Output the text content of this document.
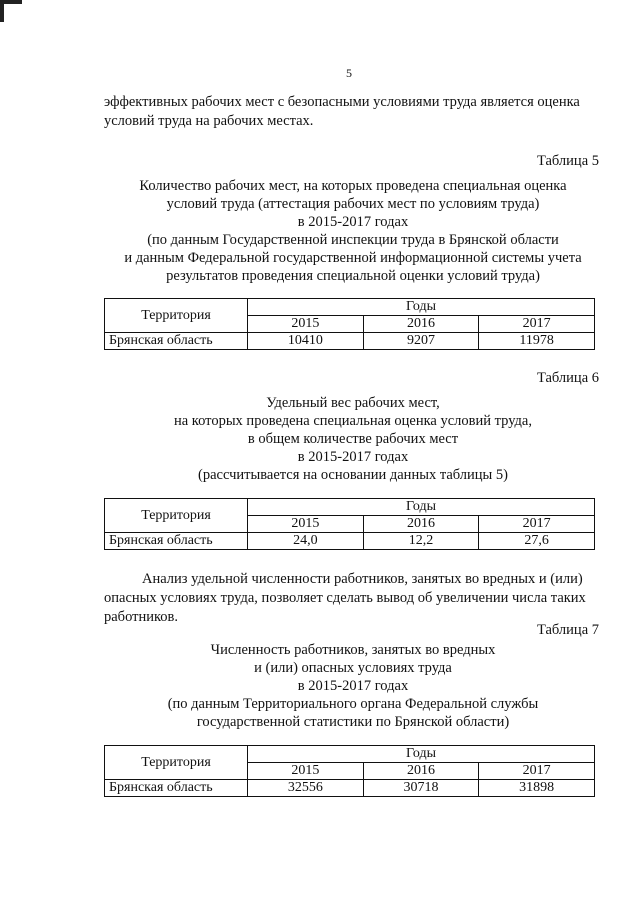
5
эффективных рабочих мест с безопасными условиями труда является оценка
условий труда на рабочих местах.
Таблица 5
Количество рабочих мест, на которых проведена специальная оценка
условий труда (аттестация рабочих мест по условиям труда)
в 2015-2017 годах
(по данным Государственной инспекции труда в Брянской области
и данным Федеральной государственной информационной системы учета
результатов проведения специальной оценки условий труда)
Территория	Годы		
	2015	2016	2017
Брянская область	10410	9207	11978
Таблица 6
Удельный вес рабочих мест,
на которых проведена специальная оценка условий труда,
в общем количестве рабочих мест
в 2015-2017 годах
(рассчитывается на основании данных таблицы 5)
Территория	Годы		
	2015	2016	2017
Брянская область	24,0	12,2	27,6
Анализ удельной численности работников, занятых во вредных и (или)
опасных условиях труда, позволяет сделать вывод об увеличении числа таких
работников.
Таблица 7
Численность работников, занятых во вредных
и (или) опасных условиях труда
в 2015-2017 годах
(по данным Территориального органа Федеральной службы
государственной статистики по Брянской области)
Территория	Годы		
	2015	2016	2017
Брянская область	32556	30718	31898
